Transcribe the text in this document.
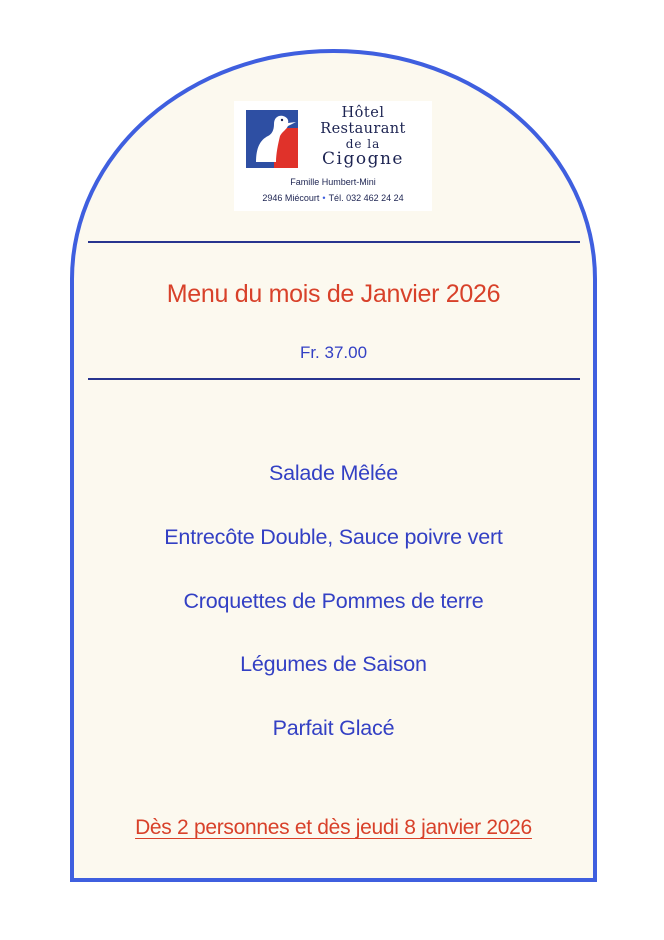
Hôtel
Restaurant
de la
Cigogne
Famille Humbert-Mini
2946 Miécourt • Tél. 032 462 24 24
Menu du mois de Janvier 2026
Fr. 37.00
Salade Mêlée
Entrecôte Double, Sauce poivre vert
Croquettes de Pommes de terre
Légumes de Saison
Parfait Glacé
Dès 2 personnes et dès jeudi 8 janvier 2026
